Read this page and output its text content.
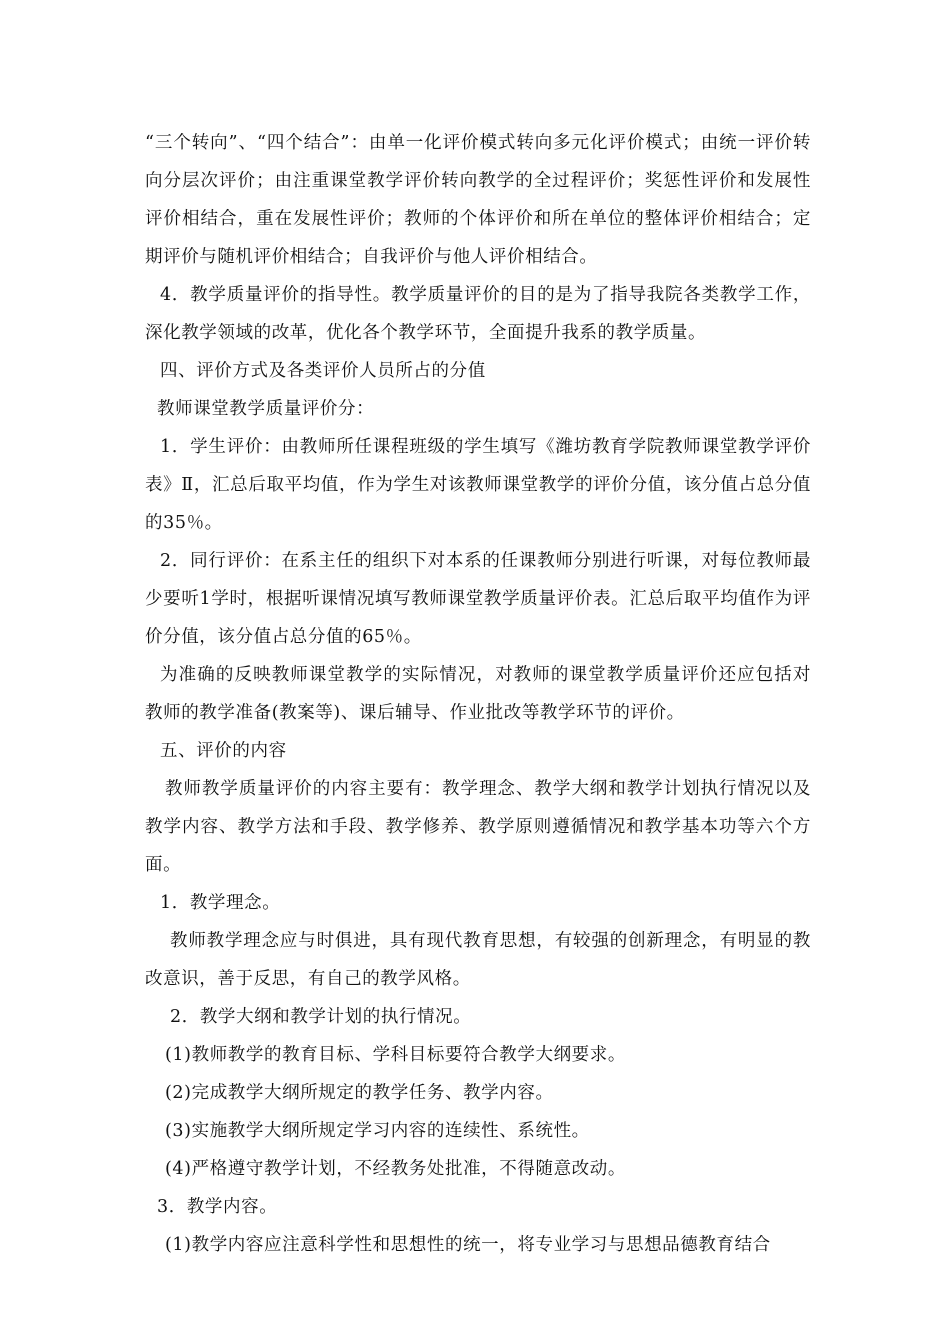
“三个转向”、“四个结合”：由单一化评价模式转向多元化评价模式；由统一评价转向分层次评价；由注重课堂教学评价转向教学的全过程评价；奖惩性评价和发展性评价相结合，重在发展性评价；教师的个体评价和所在单位的整体评价相结合；定期评价与随机评价相结合；自我评价与他人评价相结合。

4．教学质量评价的指导性。教学质量评价的目的是为了指导我院各类教学工作，深化教学领域的改革，优化各个教学环节，全面提升我系的教学质量。

四、评价方式及各类评价人员所占的分值

教师课堂教学质量评价分：

1．学生评价：由教师所任课程班级的学生填写《潍坊教育学院教师课堂教学评价表》Ⅱ，汇总后取平均值，作为学生对该教师课堂教学的评价分值，该分值占总分值的35％。

2．同行评价：在系主任的组织下对本系的任课教师分别进行听课，对每位教师最少要听1学时，根据听课情况填写教师课堂教学质量评价表。汇总后取平均值作为评价分值，该分值占总分值的65％。

为准确的反映教师课堂教学的实际情况，对教师的课堂教学质量评价还应包括对教师的教学准备(教案等)、课后辅导、作业批改等教学环节的评价。

五、评价的内容

教师教学质量评价的内容主要有：教学理念、教学大纲和教学计划执行情况以及教学内容、教学方法和手段、教学修养、教学原则遵循情况和教学基本功等六个方面。

1．教学理念。

教师教学理念应与时俱进，具有现代教育思想，有较强的创新理念，有明显的教改意识，善于反思，有自己的教学风格。

2．教学大纲和教学计划的执行情况。

(1)教师教学的教育目标、学科目标要符合教学大纲要求。

(2)完成教学大纲所规定的教学任务、教学内容。

(3)实施教学大纲所规定学习内容的连续性、系统性。

(4)严格遵守教学计划，不经教务处批准，不得随意改动。

3．教学内容。

(1)教学内容应注意科学性和思想性的统一，将专业学习与思想品德教育结合
